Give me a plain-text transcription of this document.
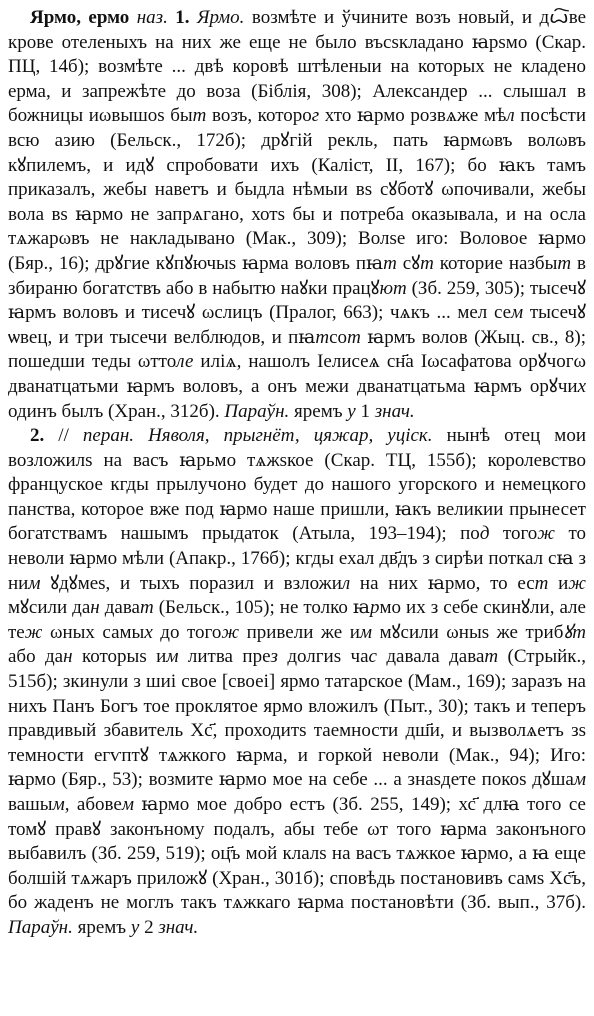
Ярмо, ермо наз. 1. Ярмо. возмѣте и ўчините возъ новый, и дꙍ҇ве крове отеленыхъ на них же еще не было въсѕкладано ꙗрѕмо (Скар. ПЦ, 14б); возмѣте ... двѣ коровѣ штѣленыи на которых не кладено ерма, и запрежѣте до воза (Біблія, 308); Александер ... слышал в божницы иωвышоѕ быт возъ, которог хто ꙗрмо розвѧже мѣл посѣсти всю азию (Бельск., 172б); дрꙋгій рекль, пать ꙗрмωвъ волωвъ кꙋпилемъ, и идꙋ спробовати ихъ (Каліст, II, 167); бо ꙗкъ тамъ приказалъ, жебы наветъ и быдла нѣмыи вѕ сꙋботꙋ ωпочивали, жебы вола вѕ ꙗрмо не запрѧгано, хотѕ бы и потреба оказывала, и на осла тѧжарωвъ не накладывано (Мак., 309); Волѕе иго: Воловое ꙗрмо (Бяр., 16); дрꙋгие кꙋпꙋючыѕ ꙗрма воловъ пꙗт сꙋт которие назбыт в збираню богатствъ або в набытю наꙋки працꙋют (Зб. 259, 305); тысечꙋ ꙗрмъ воловъ и тисечꙋ ωслицъ (Пралог, 663); чѧкъ ... мел сем тысечꙋ ѡвец, и три тысечи велблюдов, и пꙗтсот ꙗрмъ волов (Жыц. св., 8); пошедши теды ωттоле иліѧ, нашолъ Іелисеѧ сн҃а Іωсафатова орꙋчогω дванатцатьми ꙗрмъ воловъ, а онъ межи дванатцатьма ꙗрмъ орꙋчих одинъ былъ (Хран., 312б). Параўн. яремъ у 1 знач.

2. // перан. Няволя, прыгнёт, цяжар, уціск. нынѣ отец мои возложилѕ на васъ ꙗрьмо тѧжѕкое (Скар. ТЦ, 155б); королевство француское кгды прылучоно будет до нашого угорского и немецкого панства, которое вже под ꙗрмо наше пришли, ꙗкъ великии прынесет богатствамъ нашымъ прыдаток (Атыла, 193–194); под тогож то неволи ꙗрмо мѣли (Апакр., 176б); кгды ехал дв҃дъ з сирѣи поткал сꙗ з ним ꙋдꙋмеѕ, и тыхъ поразил и взложил на них ꙗрмо, то ест иж мꙋсили дан дават (Бельск., 105); не толко ꙗрмо их з себе скинꙋли, але теж ωных самых до тогож привели же им мꙋсили ωныѕ же трибꙋт або дан которыѕ им литва през долгиѕ час давала дават (Стрыйк., 515б); зкинули з шиі свое [своеі] ярмо татарское (Мам., 169); заразъ на нихъ Панъ Богъ тое проклятое ярмо вложилъ (Пыт., 30); такъ и теперъ правдивый збавитель Хс҃, проходитѕ таемности дш҃и, и вызволѧетъ зѕ темности егѵптꙋ тѧжкого ꙗрма, и горкой неволи (Мак., 94); Иго: ꙗрмо (Бяр., 53); возмите ꙗрмо мое на себе ... а знаѕдете покоѕ дꙋшам вашым, абовем ꙗрмо мое добро естъ (Зб. 255, 149); хс҃ длꙗ того се томꙋ правꙋ законъному подалъ, абы тебе ωт того ꙗрма законъного выбавилъ (Зб. 259, 519); оц҃ъ мой клалѕ на васъ тѧжкое ꙗрмо, а ꙗ еще болшій тѧжаръ приложꙋ (Хран., 301б); сповѣдь постановивъ самѕ Хс҃ъ, бо жаденъ не моглъ такъ тѧжкаго ꙗрма постановѣти (Зб. вып., 37б). Параўн. яремъ у 2 знач.
